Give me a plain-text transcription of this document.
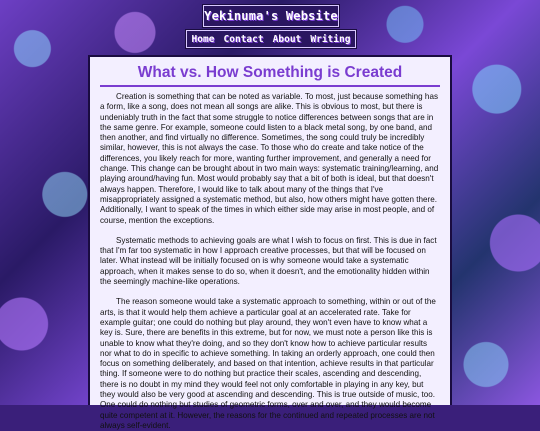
Yekinuma's Website
Home Contact About Writing
What vs. How Something is Created

Creation is something that can be noted as variable. To most, just because something has a form, like a song, does not mean all songs are alike. This is obvious to most, but there is undeniably truth in the fact that some struggle to notice differences between songs that are in the same genre. For example, someone could listen to a black metal song, by one band, and then another, and find virtually no difference. Sometimes, the song could truly be incredibly similar, however, this is not always the case. To those who do create and take notice of the differences, you likely reach for more, wanting further improvement, and generally a need for change. This change can be brought about in two main ways: systematic training/learning, and playing around/having fun. Most would probably say that a bit of both is ideal, but that doesn't always happen. Therefore, I would like to talk about many of the things that I've misappropriately assigned a systematic method, but also, how others might have gotten there. Additionally, I want to speak of the times in which either side may arise in most people, and of course, mention the exceptions.

Systematic methods to achieving goals are what I wish to focus on first. This is due in fact that I'm far too systematic in how I approach creative processes, but that will be focused on later. What instead will be initially focused on is why someone would take a systematic approach, when it makes sense to do so, when it doesn't, and the emotionality hidden within the seemingly machine-like operations.

The reason someone would take a systematic approach to something, within or out of the arts, is that it would help them achieve a particular goal at an accelerated rate. Take for example guitar; one could do nothing but play around, they won't even have to know what a key is. Sure, there are benefits in this extreme, but for now, we must note a person like this is unable to know what they're doing, and so they don't know how to achieve particular results nor what to do in specific to achieve something. In taking an orderly approach, one could then focus on something deliberately, and based on that intention, achieve results in that particular thing. If someone were to do nothing but practice their scales, ascending and descending, there is no doubt in my mind they would feel not only comfortable in playing in any key, but they would also be very good at ascending and descending. This is true outside of music, too. One could do nothing but studies of geometric forms, over and over, and they would become quite competent at it. However, the reasons for the continued and repeated processes are not always self-evident.
